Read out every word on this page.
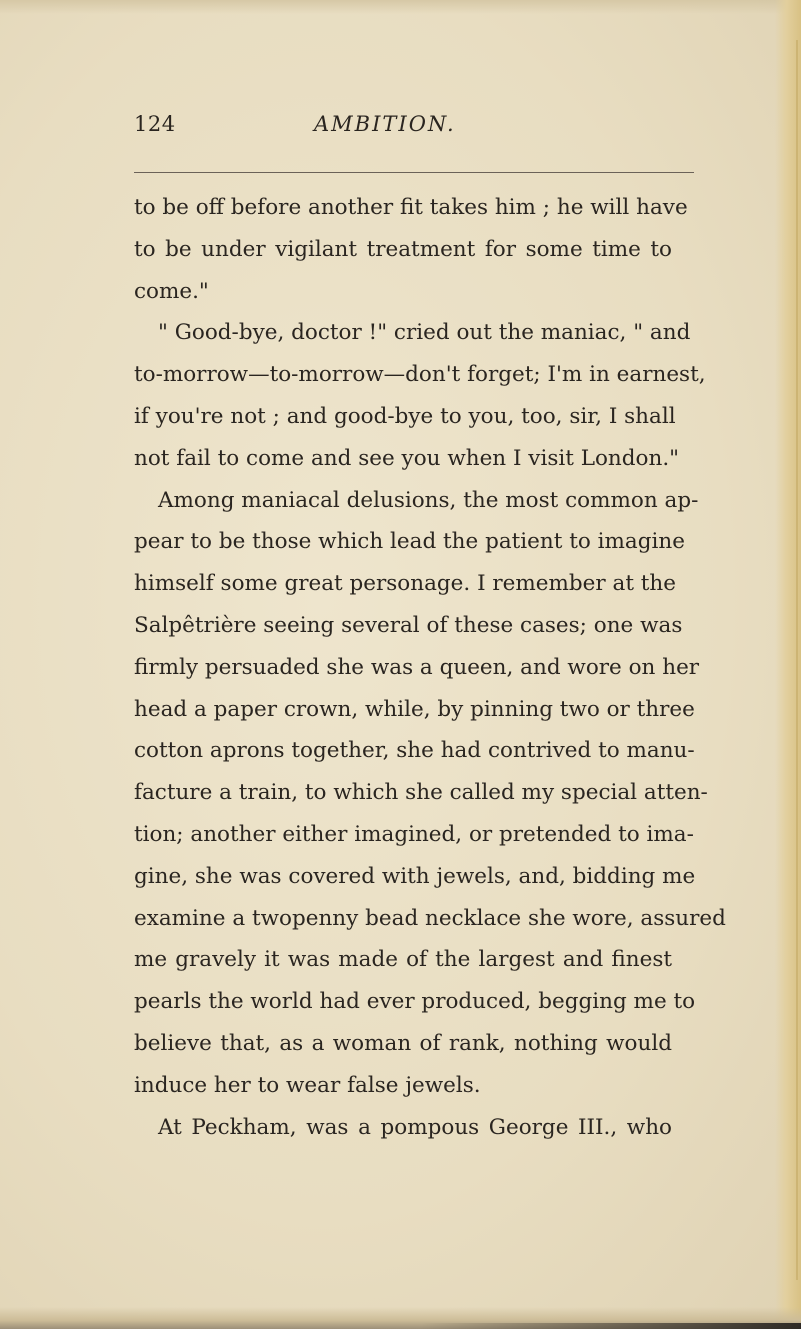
124	AMBITION.
to be off before another fit takes him ; he will have
to be under vigilant treatment for some time to
come."
" Good-bye, doctor !" cried out the maniac, " and
to-morrow—to-morrow—don't forget; I'm in earnest,
if you're not ; and good-bye to you, too, sir, I shall
not fail to come and see you when I visit London."
Among maniacal delusions, the most common ap-
pear to be those which lead the patient to imagine
himself some great personage. I remember at the
Salpêtrière seeing several of these cases; one was
firmly persuaded she was a queen, and wore on her
head a paper crown, while, by pinning two or three
cotton aprons together, she had contrived to manu-
facture a train, to which she called my special atten-
tion; another either imagined, or pretended to ima-
gine, she was covered with jewels, and, bidding me
examine a twopenny bead necklace she wore, assured
me gravely it was made of the largest and finest
pearls the world had ever produced, begging me to
believe that, as a woman of rank, nothing would
induce her to wear false jewels.
At Peckham, was a pompous George III., who
